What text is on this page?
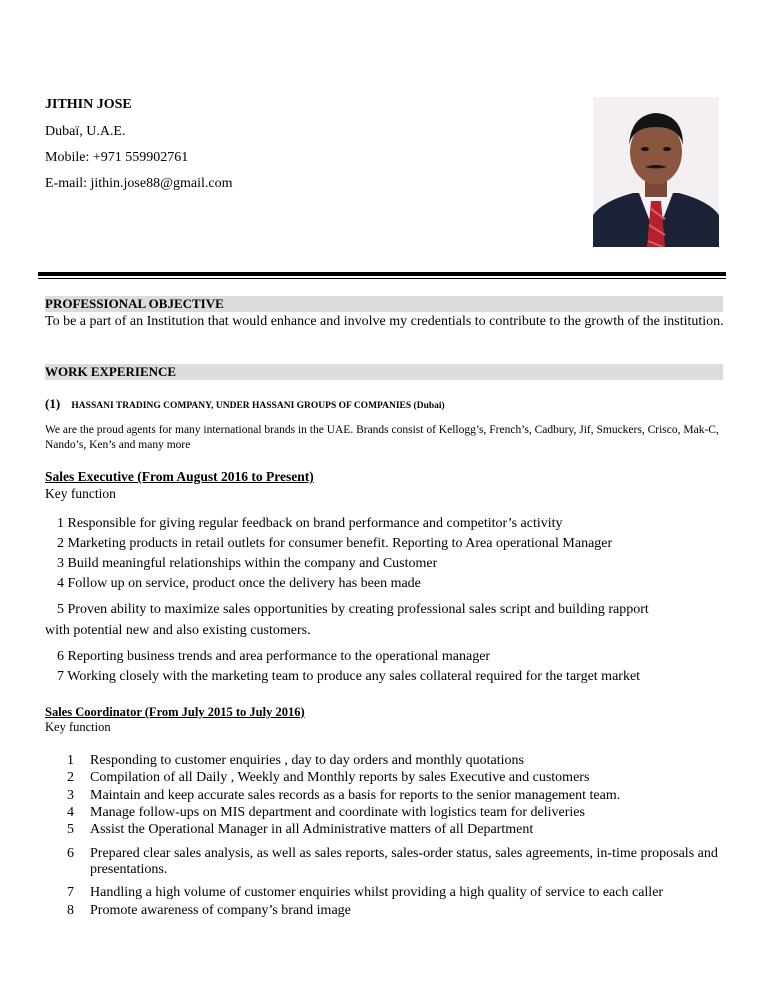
JITHIN JOSE
Dubaï, U.A.E.
Mobile: +971 559902761
E-mail: jithin.jose88@gmail.com
PROFESSIONAL OBJECTIVE
To be a part of an Institution that would enhance and involve my credentials to contribute to the growth of the institution.
WORK EXPERIENCE
(1) HASSANI TRADING COMPANY, UNDER HASSANI GROUPS OF COMPANIES (Dubai)
We are the proud agents for many international brands in the UAE. Brands consist of Kellogg’s, French’s, Cadbury, Jif, Smuckers, Crisco, Mak-C, Nando’s, Ken’s and many more
Sales Executive (From August 2016 to Present)
Key function
1 Responsible for giving regular feedback on brand performance and competitor’s activity
2 Marketing products in retail outlets for consumer benefit. Reporting to Area operational Manager
3 Build meaningful relationships within the company and Customer
4 Follow up on service, product once the delivery has been made
5 Proven ability to maximize sales opportunities by creating professional sales script and building rapport
with potential new and also existing customers.
6 Reporting business trends and area performance to the operational manager
7 Working closely with the marketing team to produce any sales collateral required for the target market
Sales Coordinator (From July 2015 to July 2016)
Key function
1 Responding to customer enquiries , day to day orders and monthly quotations
2 Compilation of all Daily , Weekly and Monthly reports by sales Executive and customers
3 Maintain and keep accurate sales records as a basis for reports to the senior management team.
4 Manage follow-ups on MIS department and coordinate with logistics team for deliveries
5 Assist the Operational Manager in all Administrative matters of all Department
6 Prepared clear sales analysis, as well as sales reports, sales-order status, sales agreements, in-time proposals and presentations.
7 Handling a high volume of customer enquiries whilst providing a high quality of service to each caller
8 Promote awareness of company’s brand image
